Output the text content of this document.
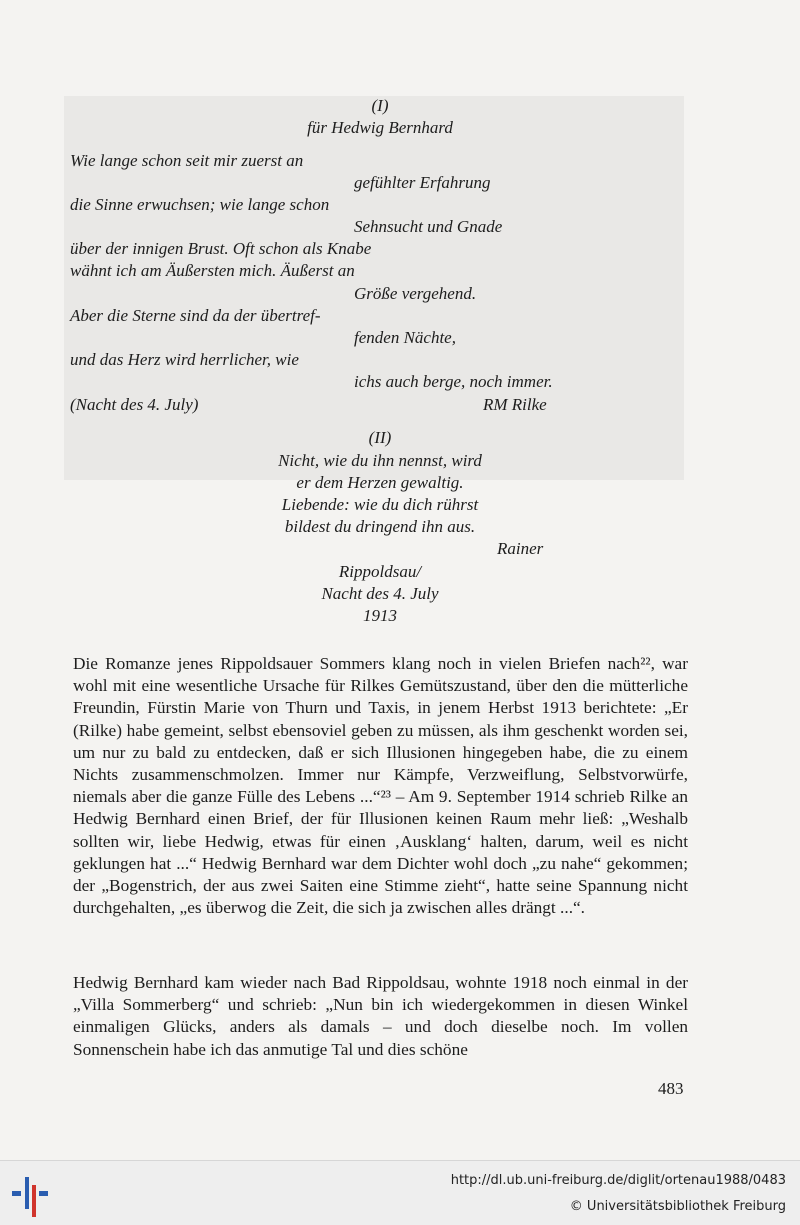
(I)
für Hedwig Bernhard
Wie lange schon seit mir zuerst an
gefühlter Erfahrung
die Sinne erwuchsen; wie lange schon
Sehnsucht und Gnade
über der innigen Brust. Oft schon als Knabe
wähnt ich am Äußersten mich. Äußerst an
Größe vergehend.
Aber die Sterne sind da der übertref-
fenden Nächte,
und das Herz wird herrlicher, wie
ichs auch berge, noch immer.
(Nacht des 4. July)	RM Rilke
(II)
Nicht, wie du ihn nennst, wird
er dem Herzen gewaltig.
Liebende: wie du dich rührst
bildest du dringend ihn aus.
Rainer
Rippoldsau/
Nacht des 4. July
1913

Die Romanze jenes Rippoldsauer Sommers klang noch in vielen Briefen nach²², war wohl mit eine wesentliche Ursache für Rilkes Gemütszustand, über den die mütterliche Freundin, Fürstin Marie von Thurn und Taxis, in jenem Herbst 1913 berichtete: „Er (Rilke) habe gemeint, selbst ebensoviel geben zu müssen, als ihm geschenkt worden sei, um nur zu bald zu entdecken, daß er sich Illusionen hingegeben habe, die zu einem Nichts zusammenschmolzen. Immer nur Kämpfe, Verzweiflung, Selbstvorwürfe, niemals aber die ganze Fülle des Lebens ...“²³ – Am 9. September 1914 schrieb Rilke an Hedwig Bernhard einen Brief, der für Illusionen keinen Raum mehr ließ: „Weshalb sollten wir, liebe Hedwig, etwas für einen ‚Ausklang‘ halten, darum, weil es nicht geklungen hat ...“ Hedwig Bernhard war dem Dichter wohl doch „zu nahe“ gekommen; der „Bogenstrich, der aus zwei Saiten eine Stimme zieht“, hatte seine Spannung nicht durchgehalten, „es überwog die Zeit, die sich ja zwischen alles drängt ...“.

Hedwig Bernhard kam wieder nach Bad Rippoldsau, wohnte 1918 noch einmal in der „Villa Sommerberg“ und schrieb: „Nun bin ich wiedergekommen in diesen Winkel einmaligen Glücks, anders als damals – und doch dieselbe noch. Im vollen Sonnenschein habe ich das anmutige Tal und dies schöne

483
http://dl.ub.uni-freiburg.de/diglit/ortenau1988/0483
© Universitätsbibliothek Freiburg
